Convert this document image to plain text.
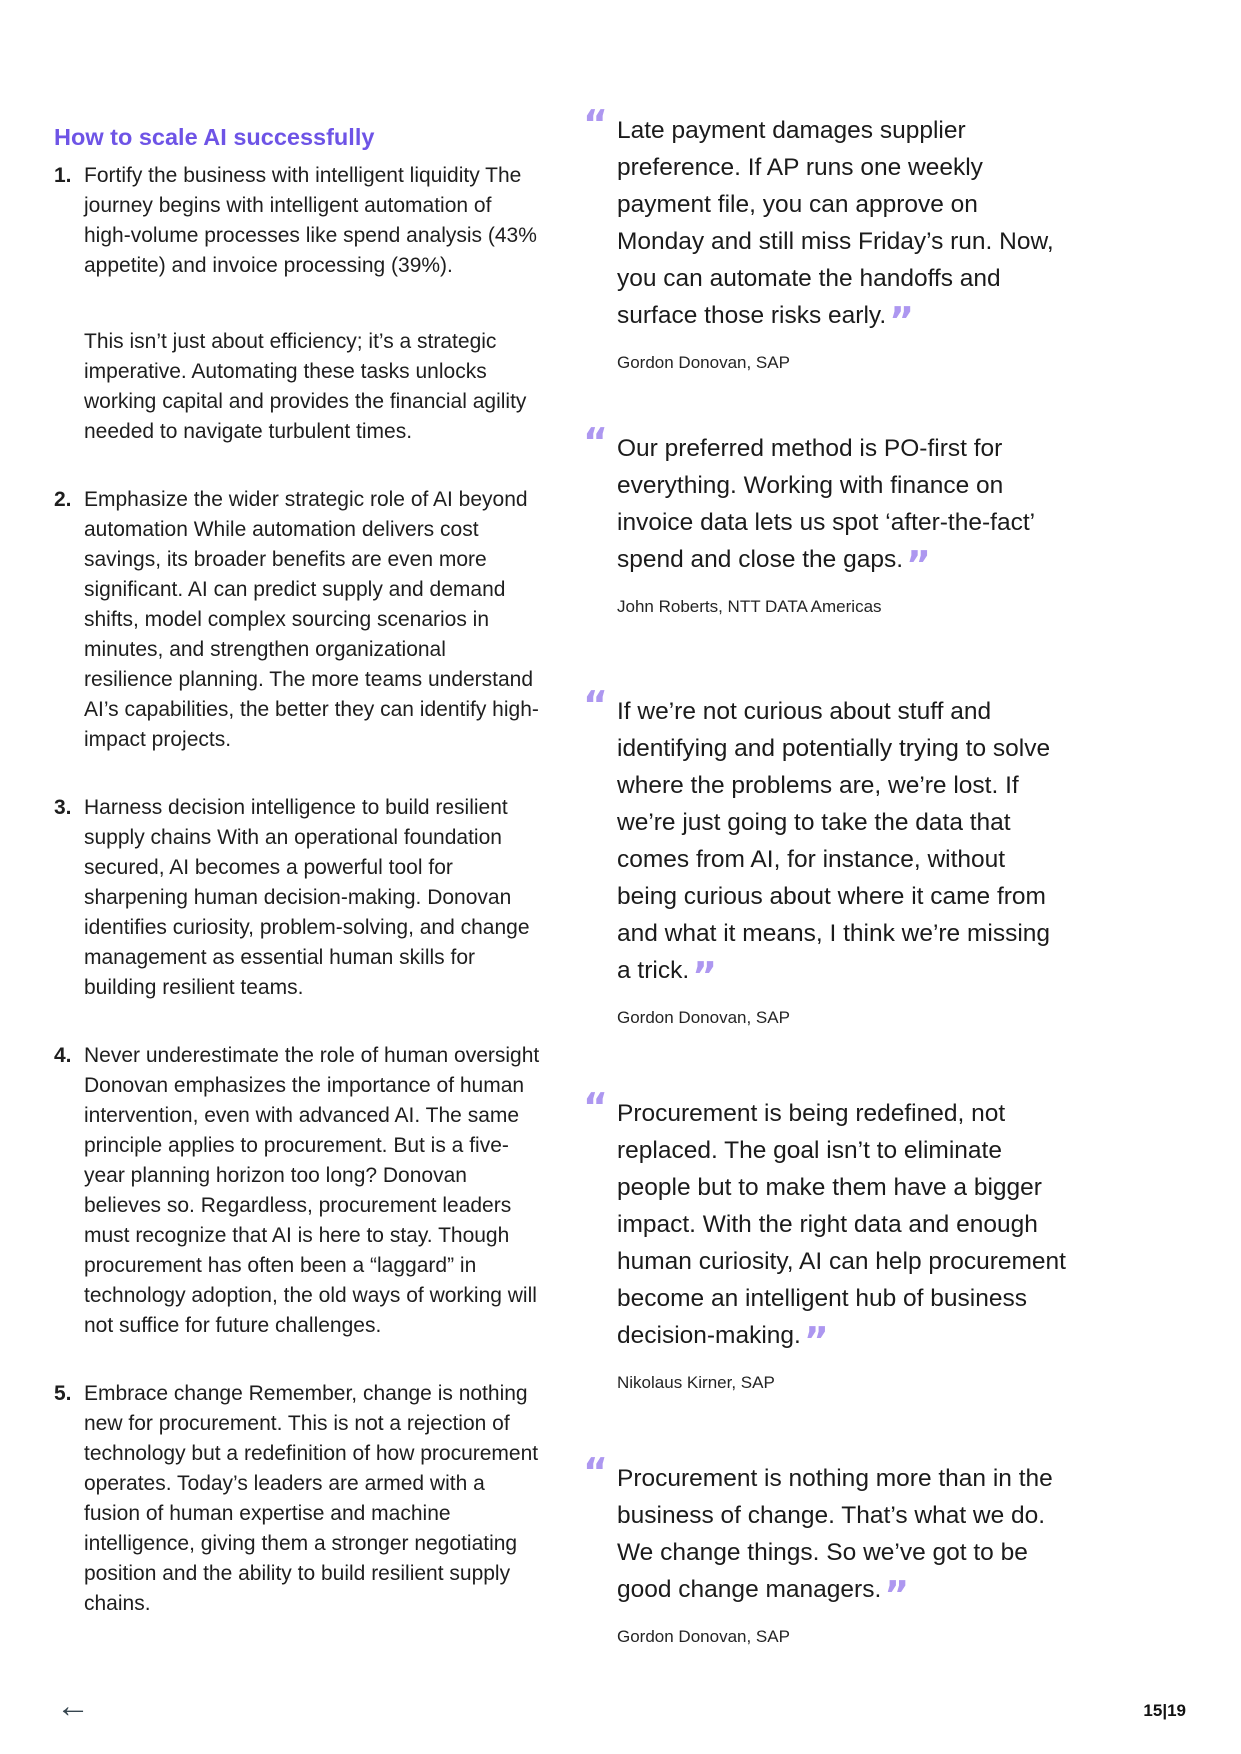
How to scale AI successfully
1. Fortify the business with intelligent liquidity The journey begins with intelligent automation of high-volume processes like spend analysis (43% appetite) and invoice processing (39%).

This isn’t just about efficiency; it’s a strategic imperative. Automating these tasks unlocks working capital and provides the financial agility needed to navigate turbulent times.

2. Emphasize the wider strategic role of AI beyond automation While automation delivers cost savings, its broader benefits are even more significant. AI can predict supply and demand shifts, model complex sourcing scenarios in minutes, and strengthen organizational resilience planning. The more teams understand AI’s capabilities, the better they can identify high-impact projects.

3. Harness decision intelligence to build resilient supply chains With an operational foundation secured, AI becomes a powerful tool for sharpening human decision-making. Donovan identifies curiosity, problem-solving, and change management as essential human skills for building resilient teams.

4. Never underestimate the role of human oversight Donovan emphasizes the importance of human intervention, even with advanced AI. The same principle applies to procurement. But is a five-year planning horizon too long? Donovan believes so. Regardless, procurement leaders must recognize that AI is here to stay. Though procurement has often been a “laggard” in technology adoption, the old ways of working will not suffice for future challenges.

5. Embrace change Remember, change is nothing new for procurement. This is not a rejection of technology but a redefinition of how procurement operates. Today’s leaders are armed with a fusion of human expertise and machine intelligence, giving them a stronger negotiating position and the ability to build resilient supply chains.

“ Late payment damages supplier preference. If AP runs one weekly payment file, you can approve on Monday and still miss Friday’s run. Now, you can automate the handoffs and surface those risks early.”
Gordon Donovan, SAP
“ Our preferred method is PO-first for everything. Working with finance on invoice data lets us spot ‘after-the-fact’ spend and close the gaps.”
John Roberts, NTT DATA Americas
“ If we’re not curious about stuff and identifying and potentially trying to solve where the problems are, we’re lost. If we’re just going to take the data that comes from AI, for instance, without being curious about where it came from and what it means, I think we’re missing a trick.”
Gordon Donovan, SAP
“ Procurement is being redefined, not replaced. The goal isn’t to eliminate people but to make them have a bigger impact. With the right data and enough human curiosity, AI can help procurement become an intelligent hub of business decision-making.”
Nikolaus Kirner, SAP
“ Procurement is nothing more than in the business of change. That’s what we do. We change things. So we’ve got to be good change managers.”
Gordon Donovan, SAP
←	15|19
